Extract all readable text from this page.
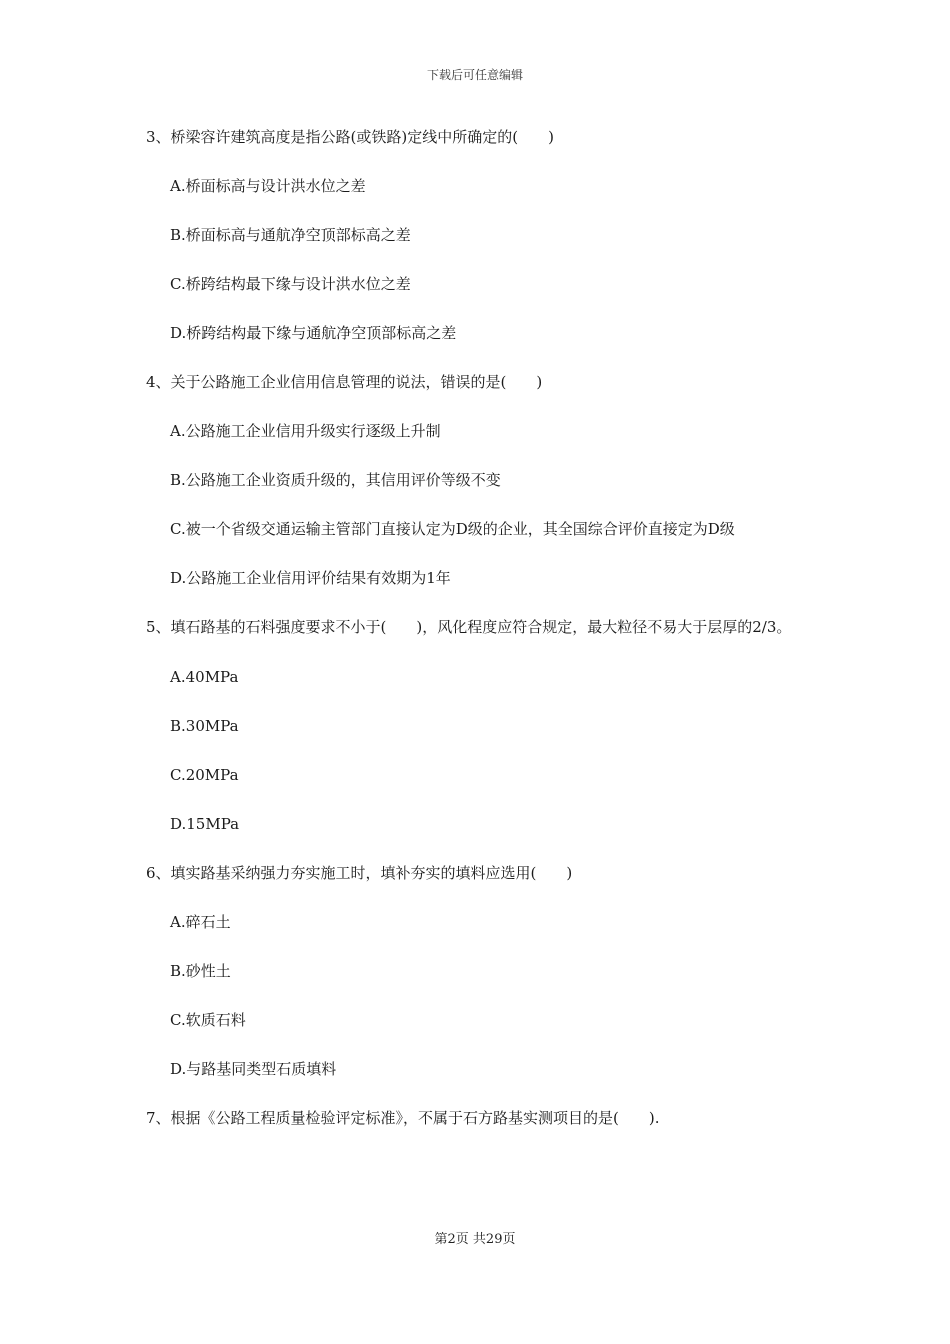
下载后可任意编辑
3、桥梁容许建筑高度是指公路(或铁路)定线中所确定的(　　)
A.桥面标高与设计洪水位之差
B.桥面标高与通航净空顶部标高之差
C.桥跨结构最下缘与设计洪水位之差
D.桥跨结构最下缘与通航净空顶部标高之差
4、关于公路施工企业信用信息管理的说法，错误的是(　　)
A.公路施工企业信用升级实行逐级上升制
B.公路施工企业资质升级的，其信用评价等级不变
C.被一个省级交通运输主管部门直接认定为D级的企业，其全国综合评价直接定为D级
D.公路施工企业信用评价结果有效期为1年
5、填石路基的石料强度要求不小于(　　)，风化程度应符合规定，最大粒径不易大于层厚的2/3。
A.40MPa
B.30MPa
C.20MPa
D.15MPa
6、填实路基采纳强力夯实施工时，填补夯实的填料应选用(　　)
A.碎石土
B.砂性土
C.软质石料
D.与路基同类型石质填料
7、根据《公路工程质量检验评定标准》，不属于石方路基实测项目的是(　　).
第2页 共29页
